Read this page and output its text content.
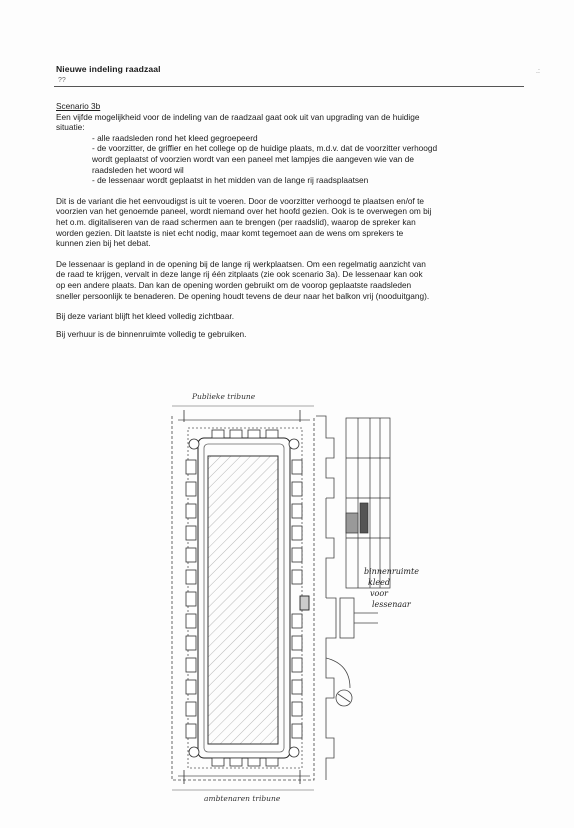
Nieuwe indeling raadzaal
??
.:

Scenario 3b

Een vijfde mogelijkheid voor de indeling van de raadzaal gaat ook uit van upgrading van de huidige

situatie:

- alle raadsleden rond het kleed gegroepeerd
- de voorzitter, de griffier en het college op de huidige plaats, m.d.v. dat de voorzitter verhoogd
wordt geplaatst of voorzien wordt van een paneel met lampjes die aangeven wie van de
raadsleden het woord wil
- de lessenaar wordt geplaatst in het midden van de lange rij raadsplaatsen

Dit is de variant die het eenvoudigst is uit te voeren. Door de voorzitter verhoogd te plaatsen en/of te

voorzien van het genoemde paneel, wordt niemand over het hoofd gezien. Ook is te overwegen om bij

het o.m. digitaliseren van de raad schermen aan te brengen (per raadslid), waarop de spreker kan

worden gezien. Dit laatste is niet echt nodig, maar komt tegemoet aan de wens om sprekers te

kunnen zien bij het debat.

De lessenaar is gepland in de opening bij de lange rij werkplaatsen. Om een regelmatig aanzicht van

de raad te krijgen, vervalt in deze lange rij één zitplaats (zie ook scenario 3a). De lessenaar kan ook

op een andere plaats. Dan kan de opening worden gebruikt om de voorop geplaatste raadsleden

sneller persoonlijk te benaderen. De opening houdt tevens de deur naar het balkon vrij (nooduitgang).

Bij deze variant blijft het kleed volledig zichtbaar.

Bij verhuur is de binnenruimte volledig te gebruiken.

Publieke tribune
ambtenaren tribune
binnenruimte
kleed
voor
lessenaar
